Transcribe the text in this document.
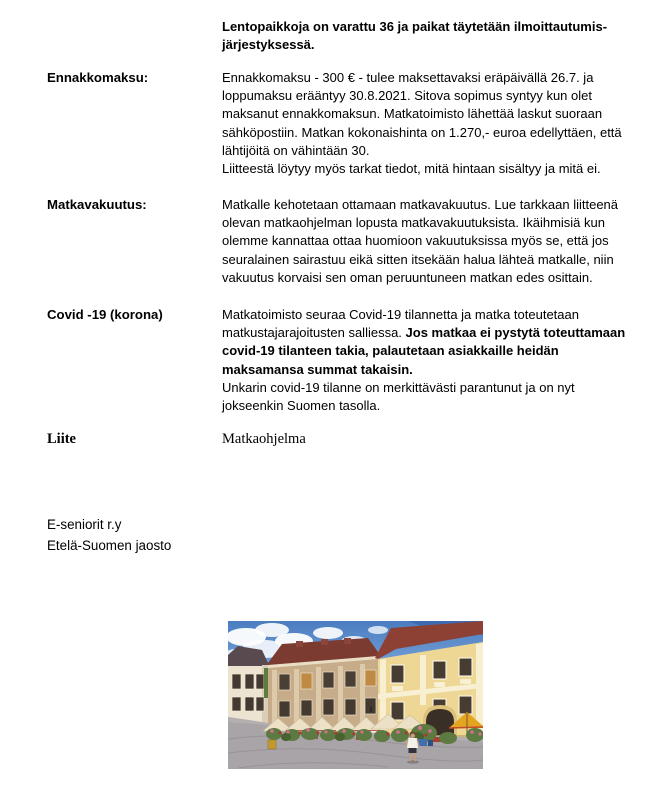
Lentopaikkoja on varattu 36 ja paikat täytetään ilmoittautumis-
järjestyksessä.
Ennakkomaksu:	Ennakkomaksu - 300 € - tulee maksettavaksi eräpäivällä 26.7. ja
loppumaksu erääntyy 30.8.2021. Sitova sopimus syntyy kun olet
maksanut ennakkomaksun. Matkatoimisto lähettää laskut suoraan
sähköpostiin. Matkan kokonaishinta on 1.270,- euroa edellyttäen, että
lähtijöitä on vähintään 30.
Liitteestä löytyy myös tarkat tiedot, mitä hintaan sisältyy ja mitä ei.
Matkavakuutus:	Matkalle kehotetaan ottamaan matkavakuutus. Lue tarkkaan liitteenä
olevan matkaohjelman lopusta matkavakuutuksista. Ikäihmisiä kun
olemme kannattaa ottaa huomioon vakuutuksissa myös se, että jos
seuralainen sairastuu eikä sitten itsekään halua lähteä matkalle, niin
vakuutus korvaisi sen oman peruuntuneen matkan edes osittain.
Covid -19 (korona)	Matkatoimisto seuraa Covid-19 tilannetta ja matka toteutetaan
matkustajarajoitusten salliessa. Jos matkaa ei pystytä toteuttamaan
covid-19 tilanteen takia, palautetaan asiakkaille heidän
maksamansa summat takaisin.
Unkarin covid-19 tilanne on merkittävästi parantunut ja on nyt
jokseenkin Suomen tasolla.
Liite	Matkaohjelma
E-seniorit r.y
Etelä-Suomen jaosto
